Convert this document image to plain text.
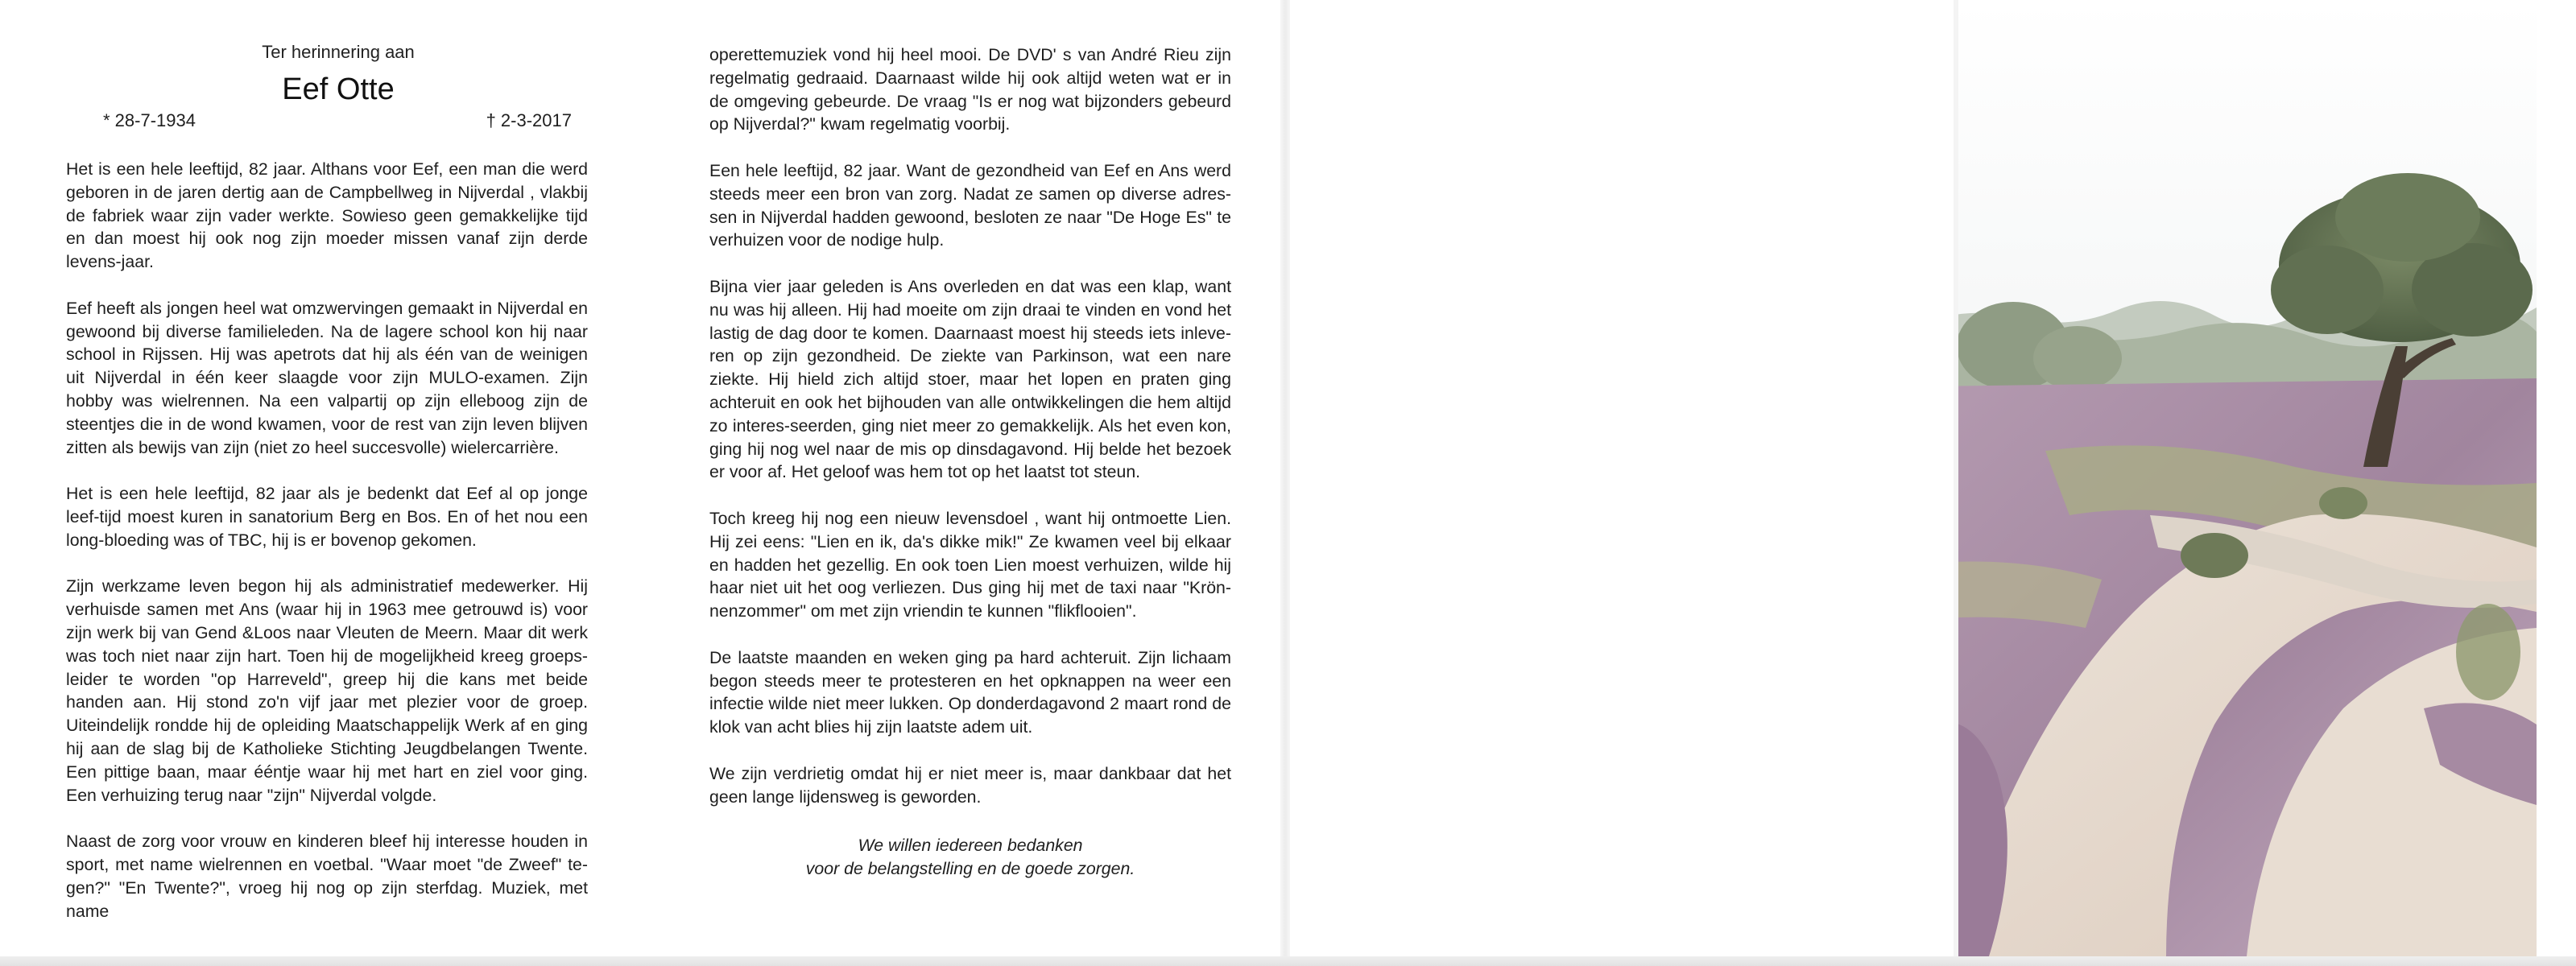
Ter herinnering aan
Eef Otte
* 28-7-1934	† 2-3-2017

Het is een hele leeftijd, 82 jaar. Althans voor Eef, een man die werd geboren in de jaren dertig aan de Campbellweg in Nijverdal , vlakbij de fabriek waar zijn vader werkte. Sowieso geen gemakkelijke tijd en dan moest hij ook nog zijn moeder missen vanaf zijn derde levens-jaar.

Eef heeft als jongen heel wat omzwervingen gemaakt in Nijverdal en gewoond bij diverse familieleden. Na de lagere school kon hij naar school in Rijssen. Hij was apetrots dat hij als één van de weinigen uit Nijverdal in één keer slaagde voor zijn MULO-examen. Zijn hobby was wielrennen. Na een valpartij op zijn elleboog zijn de steentjes die in de wond kwamen, voor de rest van zijn leven blijven zitten als bewijs van zijn (niet zo heel succesvolle) wielercarrière.

Het is een hele leeftijd, 82 jaar als je bedenkt dat Eef al op jonge leef-tijd moest kuren in sanatorium Berg en Bos. En of het nou een long-bloeding was of TBC, hij is er bovenop gekomen.

Zijn werkzame leven begon hij als administratief medewerker. Hij verhuisde samen met Ans (waar hij in 1963 mee getrouwd is) voor zijn werk bij van Gend &Loos naar Vleuten de Meern. Maar dit werk was toch niet naar zijn hart. Toen hij de mogelijkheid kreeg groeps-leider te worden "op Harreveld", greep hij die kans met beide handen aan. Hij stond zo'n vijf jaar met plezier voor de groep. Uiteindelijk rondde hij de opleiding Maatschappelijk Werk af en ging hij aan de slag bij de Katholieke Stichting Jeugdbelangen Twente. Een pittige baan, maar ééntje waar hij met hart en ziel voor ging. Een verhuizing terug naar "zijn" Nijverdal volgde.

Naast de zorg voor vrouw en kinderen bleef hij interesse houden in sport, met name wielrennen en voetbal. "Waar moet "de Zweef" te-gen?" "En Twente?", vroeg hij nog op zijn sterfdag. Muziek, met name

operettemuziek vond hij heel mooi. De DVD' s van André Rieu zijn regelmatig gedraaid. Daarnaast wilde hij ook altijd weten wat er in de omgeving gebeurde. De vraag "Is er nog wat bijzonders gebeurd op Nijverdal?" kwam regelmatig voorbij.

Een hele leeftijd, 82 jaar. Want de gezondheid van Eef en Ans werd steeds meer een bron van zorg. Nadat ze samen op diverse adres-sen in Nijverdal hadden gewoond, besloten ze naar "De Hoge Es" te verhuizen voor de nodige hulp.

Bijna vier jaar geleden is Ans overleden en dat was een klap, want nu was hij alleen. Hij had moeite om zijn draai te vinden en vond het lastig de dag door te komen. Daarnaast moest hij steeds iets inleve-ren op zijn gezondheid. De ziekte van Parkinson, wat een nare ziekte. Hij hield zich altijd stoer, maar het lopen en praten ging achteruit en ook het bijhouden van alle ontwikkelingen die hem altijd zo interes-seerden, ging niet meer zo gemakkelijk. Als het even kon, ging hij nog wel naar de mis op dinsdagavond. Hij belde het bezoek er voor af. Het geloof was hem tot op het laatst tot steun.

Toch kreeg hij nog een nieuw levensdoel , want hij ontmoette Lien. Hij zei eens: "Lien en ik, da's dikke mik!" Ze kwamen veel bij elkaar en hadden het gezellig. En ook toen Lien moest verhuizen, wilde hij haar niet uit het oog verliezen. Dus ging hij met de taxi naar "Krön-nenzommer" om met zijn vriendin te kunnen "flikflooien".

De laatste maanden en weken ging pa hard achteruit. Zijn lichaam begon steeds meer te protesteren en het opknappen na weer een infectie wilde niet meer lukken. Op donderdagavond 2 maart rond de klok van acht blies hij zijn laatste adem uit.

We zijn verdrietig omdat hij er niet meer is, maar dankbaar dat het geen lange lijdensweg is geworden.

We willen iedereen bedanken
voor de belangstelling en de goede zorgen.
